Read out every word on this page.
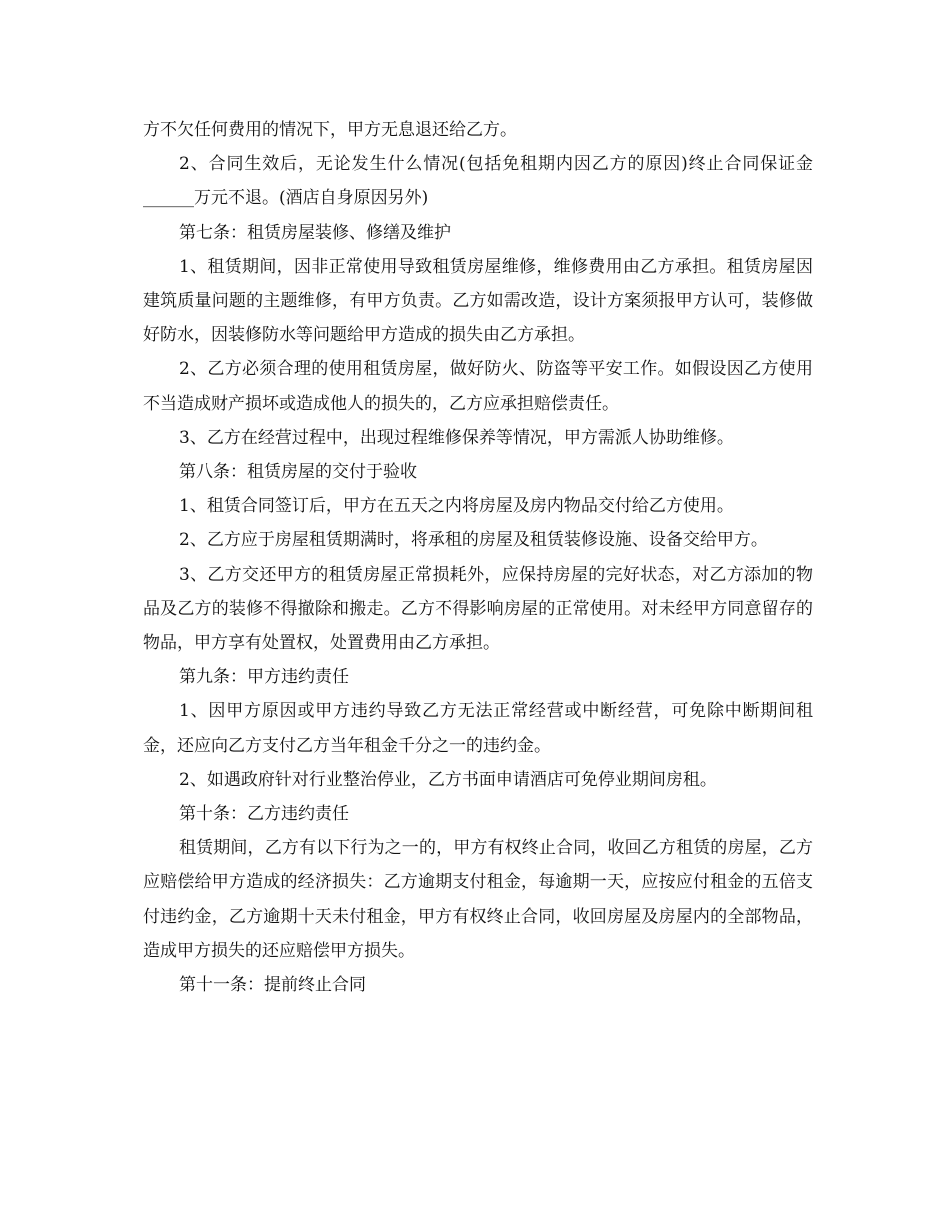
方不欠任何费用的情况下，甲方无息退还给乙方。

2、合同生效后，无论发生什么情况(包括免租期内因乙方的原因)终止合同保证金______万元不退。(酒店自身原因另外)

第七条：租赁房屋装修、修缮及维护

1、租赁期间，因非正常使用导致租赁房屋维修，维修费用由乙方承担。租赁房屋因建筑质量问题的主题维修，有甲方负责。乙方如需改造，设计方案须报甲方认可，装修做好防水，因装修防水等问题给甲方造成的损失由乙方承担。

2、乙方必须合理的使用租赁房屋，做好防火、防盗等平安工作。如假设因乙方使用不当造成财产损坏或造成他人的损失的，乙方应承担赔偿责任。

3、乙方在经营过程中，出现过程维修保养等情况，甲方需派人协助维修。

第八条：租赁房屋的交付于验收

1、租赁合同签订后，甲方在五天之内将房屋及房内物品交付给乙方使用。

2、乙方应于房屋租赁期满时，将承租的房屋及租赁装修设施、设备交给甲方。

3、乙方交还甲方的租赁房屋正常损耗外，应保持房屋的完好状态，对乙方添加的物品及乙方的装修不得撤除和搬走。乙方不得影响房屋的正常使用。对未经甲方同意留存的物品，甲方享有处置权，处置费用由乙方承担。

第九条：甲方违约责任

1、因甲方原因或甲方违约导致乙方无法正常经营或中断经营，可免除中断期间租金，还应向乙方支付乙方当年租金千分之一的违约金。

2、如遇政府针对行业整治停业，乙方书面申请酒店可免停业期间房租。

第十条：乙方违约责任

租赁期间，乙方有以下行为之一的，甲方有权终止合同，收回乙方租赁的房屋，乙方应赔偿给甲方造成的经济损失：乙方逾期支付租金，每逾期一天，应按应付租金的五倍支付违约金，乙方逾期十天未付租金，甲方有权终止合同，收回房屋及房屋内的全部物品，造成甲方损失的还应赔偿甲方损失。

第十一条：提前终止合同
